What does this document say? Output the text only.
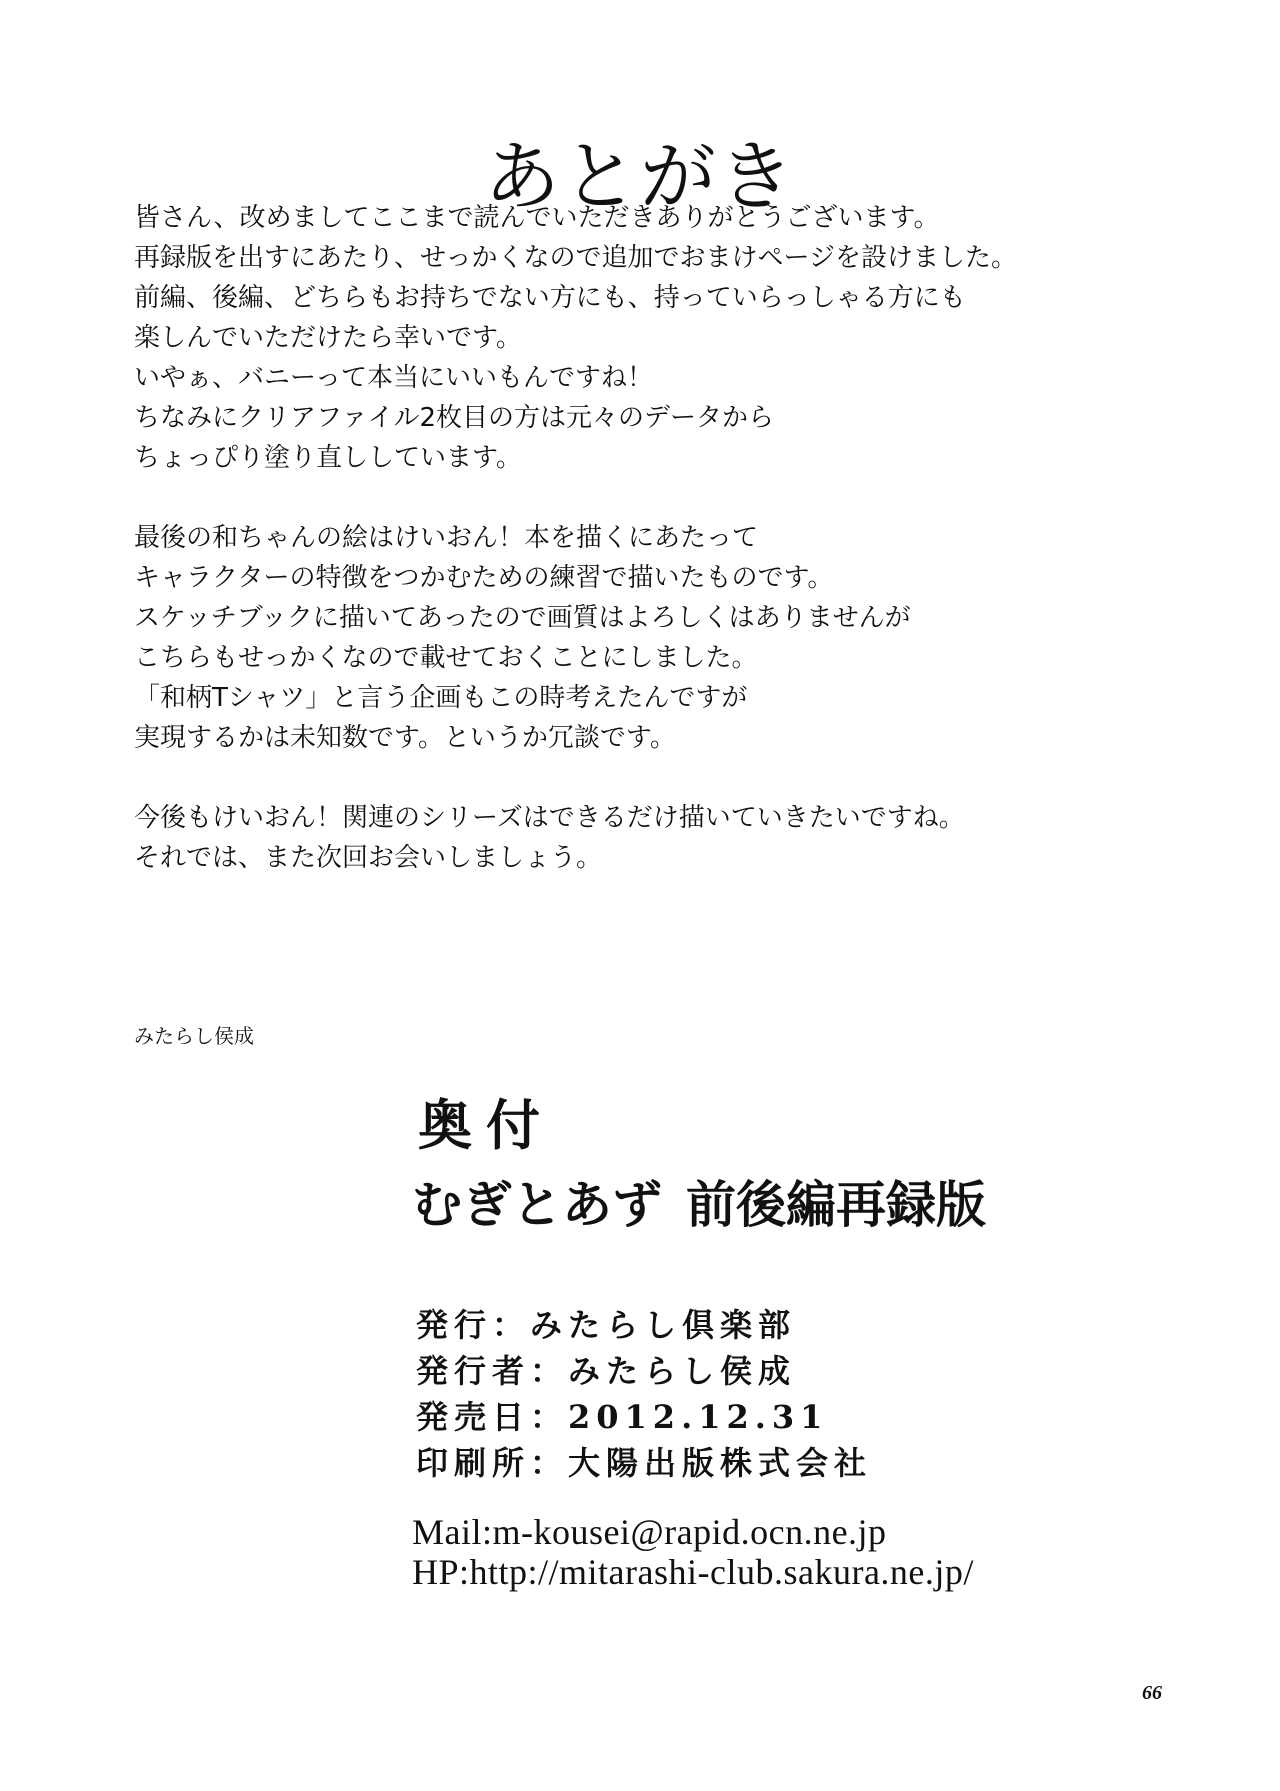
あとがき

皆さん、改めましてここまで読んでいただきありがとうございます。
再録版を出すにあたり、せっかくなので追加でおまけページを設けました。
前編、後編、どちらもお持ちでない方にも、持っていらっしゃる方にも
楽しんでいただけたら幸いです。
いやぁ、バニーって本当にいいもんですね！
ちなみにクリアファイル2枚目の方は元々のデータから
ちょっぴり塗り直ししています。

最後の和ちゃんの絵はけいおん！本を描くにあたって
キャラクターの特徴をつかむための練習で描いたものです。
スケッチブックに描いてあったので画質はよろしくはありませんが
こちらもせっかくなので載せておくことにしました。
「和柄Tシャツ」と言う企画もこの時考えたんですが
実現するかは未知数です。というか冗談です。

今後もけいおん！関連のシリーズはできるだけ描いていきたいですね。
それでは、また次回お会いしましょう。

みたらし侯成
奥付
むぎとあず 前後編再録版
発行：みたらし倶楽部
発行者：みたらし侯成
発売日：2012.12.31
印刷所：大陽出版株式会社
Mail:m-kousei@rapid.ocn.ne.jp
HP:http://mitarashi-club.sakura.ne.jp/
66
